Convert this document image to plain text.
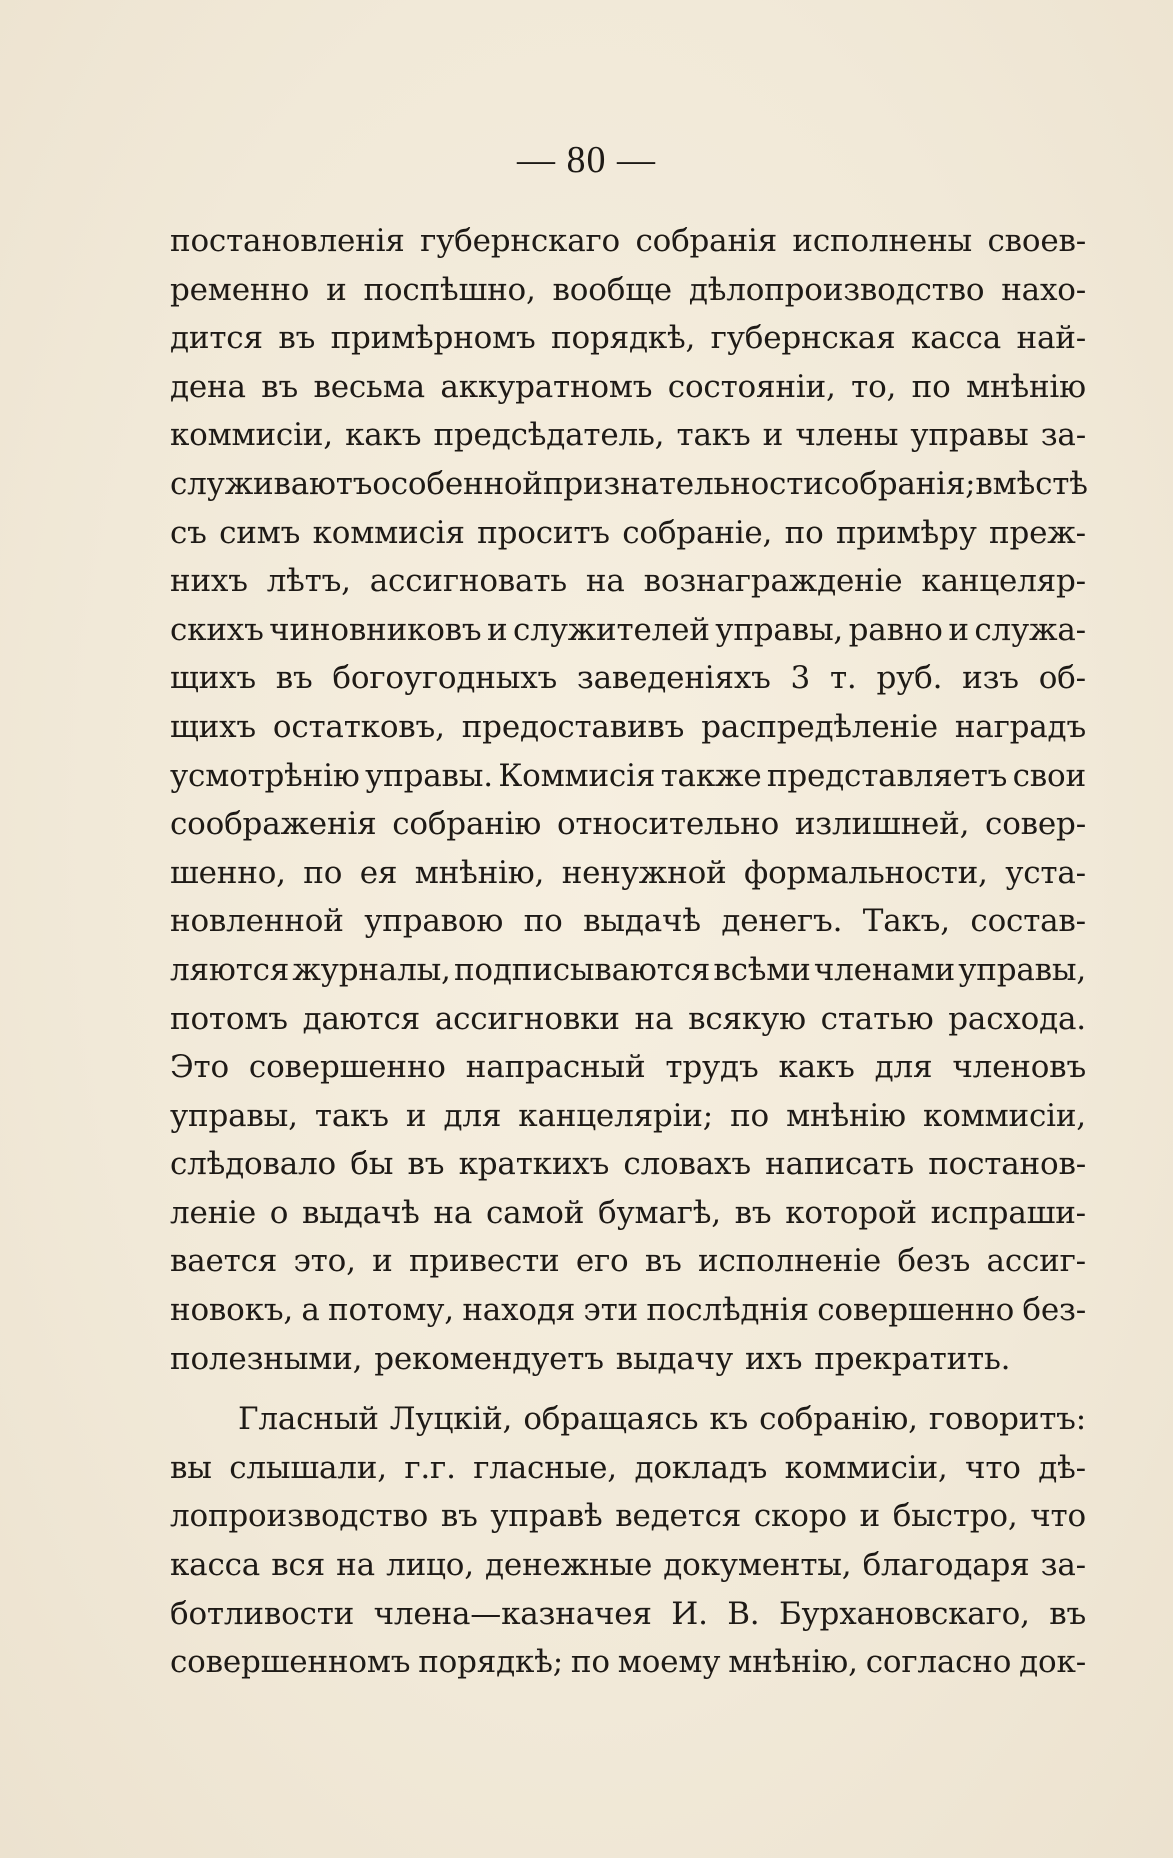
— 80 —
постановленія губернскаго собранія исполнены своев-
ременно и поспѣшно, вообще дѣлопроизводство нахо-
дится въ примѣрномъ порядкѣ, губернская касса най-
дена въ весьма аккуратномъ состояніи, то, по мнѣнію
коммисіи, какъ предсѣдатель, такъ и члены управы за-
служиваютъ особенной признательности собранія; вмѣстѣ
съ симъ коммисія проситъ собраніе, по примѣру преж-
нихъ лѣтъ, ассигновать на вознагражденіе канцеляр-
скихъ чиновниковъ и служителей управы, равно и служа-
щихъ въ богоугодныхъ заведеніяхъ 3 т. руб. изъ об-
щихъ остатковъ, предоставивъ распредѣленіе наградъ
усмотрѣнію управы. Коммисія также представляетъ свои
соображенія собранію относительно излишней, совер-
шенно, по ея мнѣнію, ненужной формальности, уста-
новленной управою по выдачѣ денегъ. Такъ, состав-
ляются журналы, подписываются всѣми членами управы,
потомъ даются ассигновки на всякую статью расхода.
Это совершенно напрасный трудъ какъ для членовъ
управы, такъ и для канцеляріи; по мнѣнію коммисіи,
слѣдовало бы въ краткихъ словахъ написать постанов-
леніе о выдачѣ на самой бумагѣ, въ которой испраши-
вается это, и привести его въ исполненіе безъ ассиг-
новокъ, а потому, находя эти послѣднія совершенно без-
полезными, рекомендуетъ выдачу ихъ прекратить.
Гласный Луцкій, обращаясь къ собранію, говоритъ:
вы слышали, г.г. гласные, докладъ коммисіи, что дѣ-
лопроизводство въ управѣ ведется скоро и быстро, что
касса вся на лицо, денежные документы, благодаря за-
ботливости члена—казначея И. В. Бурхановскаго, въ
совершенномъ порядкѣ; по моему мнѣнію, согласно док-
